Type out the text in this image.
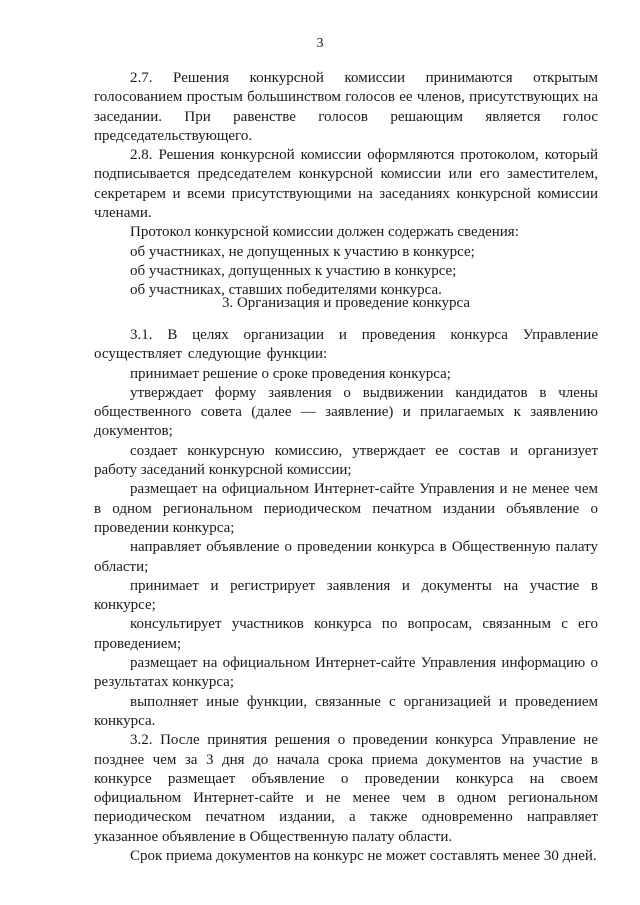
3

2.7. Решения конкурсной комиссии принимаются открытым голосованием простым большинством голосов ее членов, присутствующих на заседании. При равенстве голосов решающим является голос председательствующего.

2.8. Решения конкурсной комиссии оформляются протоколом, который подписывается председателем конкурсной комиссии или его заместителем, секретарем и всеми присутствующими на заседаниях конкурсной комиссии членами.

Протокол конкурсной комиссии должен содержать сведения:

об участниках, не допущенных к участию в конкурсе;

об участниках, допущенных к участию в конкурсе;

об участниках, ставших победителями конкурса.

3. Организация и проведение конкурса

3.1. В целях организации и проведения конкурса Управление осуществляет следующие функции:

принимает решение о сроке проведения конкурса;

утверждает форму заявления о выдвижении кандидатов в члены общественного совета (далее — заявление) и прилагаемых к заявлению документов;

создает конкурсную комиссию, утверждает ее состав и организует работу заседаний конкурсной комиссии;

размещает на официальном Интернет-сайте Управления и не менее чем в одном региональном периодическом печатном издании объявление о проведении конкурса;

направляет объявление о проведении конкурса в Общественную палату области;

принимает и регистрирует заявления и документы на участие в конкурсе;

консультирует участников конкурса по вопросам, связанным с его проведением;

размещает на официальном Интернет-сайте Управления информацию о результатах конкурса;

выполняет иные функции, связанные с организацией и проведением конкурса.

3.2. После принятия решения о проведении конкурса Управление не позднее чем за 3 дня до начала срока приема документов на участие в конкурсе размещает объявление о проведении конкурса на своем официальном Интернет-сайте и не менее чем в одном региональном периодическом печатном издании, а также одновременно направляет указанное объявление в Общественную палату области.

Срок приема документов на конкурс не может составлять менее 30 дней.
